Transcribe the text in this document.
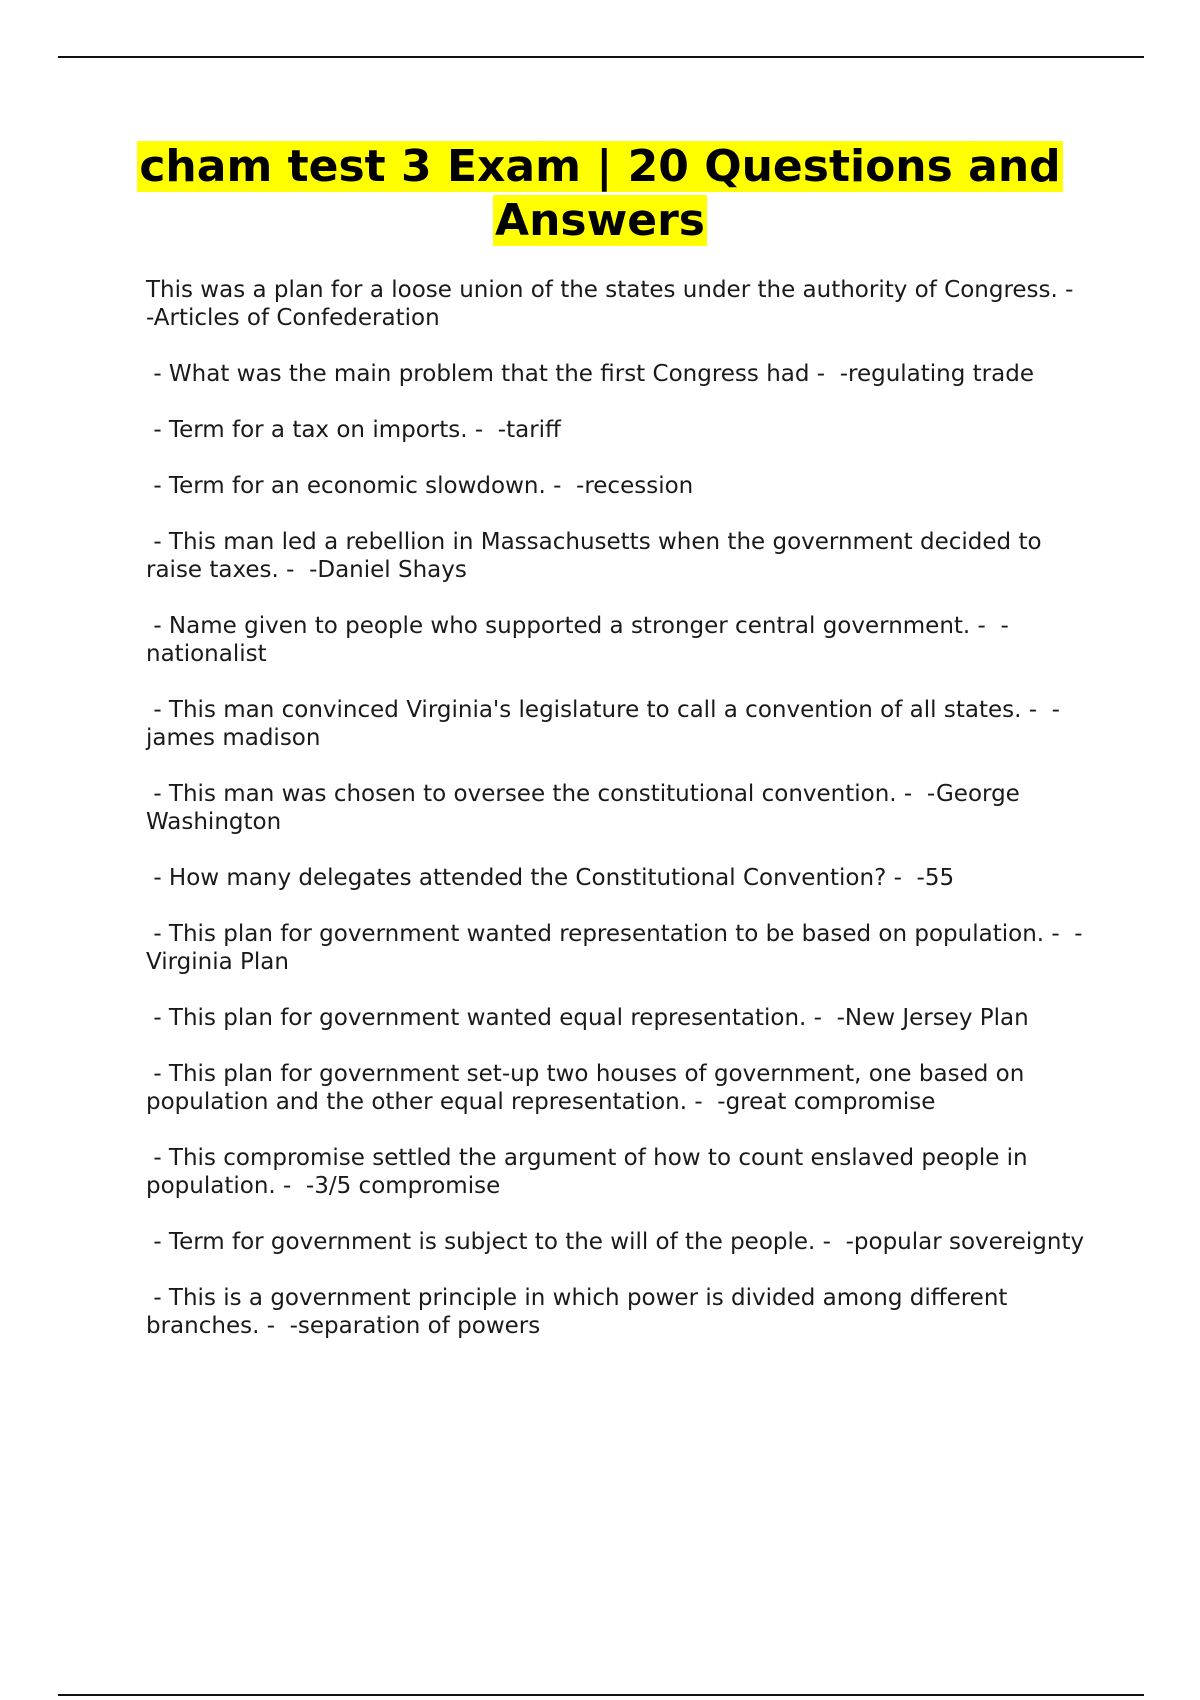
cham test 3 Exam | 20 Questions and Answers

This was a plan for a loose union of the states under the authority of Congress. -  -Articles of Confederation

- What was the main problem that the first Congress had -  -regulating trade

- Term for a tax on imports. -  -tariff

- Term for an economic slowdown. -  -recession

- This man led a rebellion in Massachusetts when the government decided to raise taxes. -  -Daniel Shays

- Name given to people who supported a stronger central government. -  -nationalist

- This man convinced Virginia's legislature to call a convention of all states. -  -james madison

- This man was chosen to oversee the constitutional convention. -  -George Washington

- How many delegates attended the Constitutional Convention? -  -55

- This plan for government wanted representation to be based on population. -  -Virginia Plan

- This plan for government wanted equal representation. -  -New Jersey Plan

- This plan for government set-up two houses of government, one based on population and the other equal representation. -  -great compromise

- This compromise settled the argument of how to count enslaved people in population. -  -3/5 compromise

- Term for government is subject to the will of the people. -  -popular sovereignty

- This is a government principle in which power is divided among different branches. -  -separation of powers
